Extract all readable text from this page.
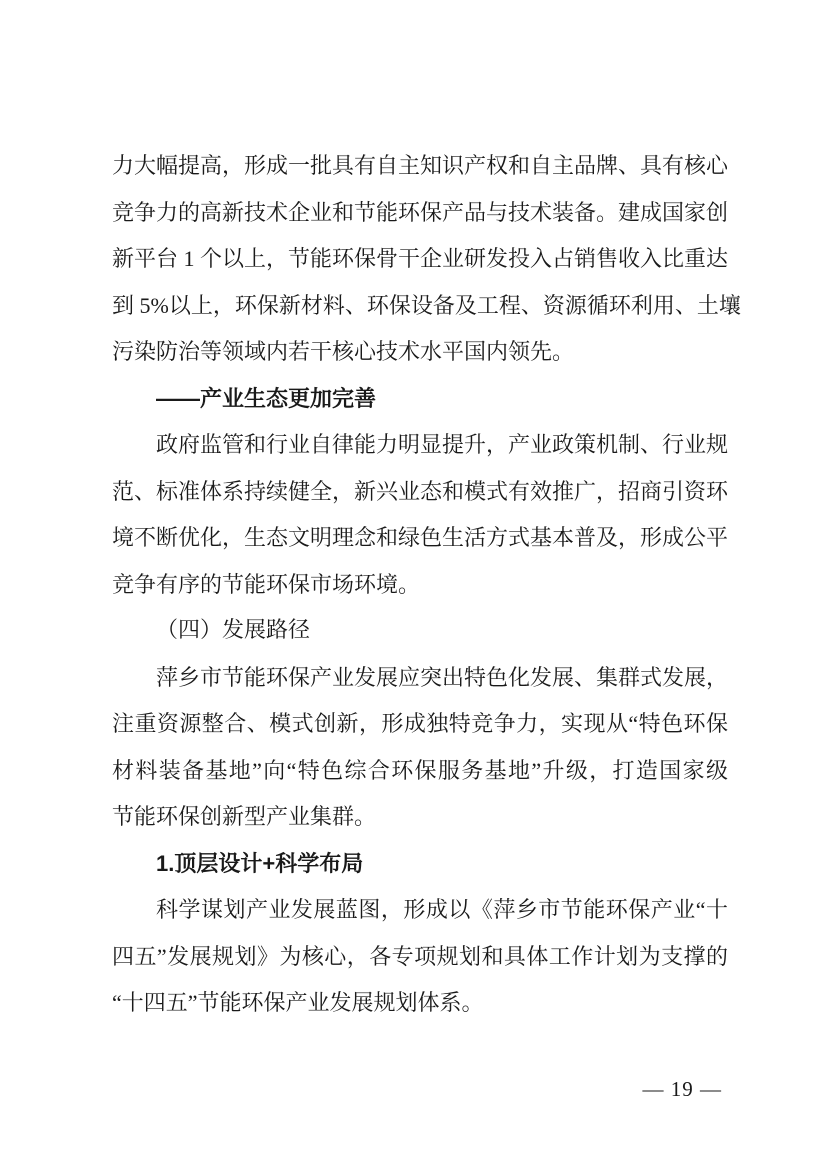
力大幅提高，形成一批具有自主知识产权和自主品牌、具有核心
竞争力的高新技术企业和节能环保产品与技术装备。建成国家创
新平台 1 个以上，节能环保骨干企业研发投入占销售收入比重达
到 5%以上，环保新材料、环保设备及工程、资源循环利用、土壤
污染防治等领域内若干核心技术水平国内领先。
——产业生态更加完善
政府监管和行业自律能力明显提升，产业政策机制、行业规
范、标准体系持续健全，新兴业态和模式有效推广，招商引资环
境不断优化，生态文明理念和绿色生活方式基本普及，形成公平
竞争有序的节能环保市场环境。
（四）发展路径
萍乡市节能环保产业发展应突出特色化发展、集群式发展，
注重资源整合、模式创新，形成独特竞争力，实现从“特色环保
材料装备基地”向“特色综合环保服务基地”升级，打造国家级
节能环保创新型产业集群。
1.顶层设计+科学布局
科学谋划产业发展蓝图，形成以《萍乡市节能环保产业“十
四五”发展规划》为核心，各专项规划和具体工作计划为支撑的
“十四五”节能环保产业发展规划体系。
— 19 —
